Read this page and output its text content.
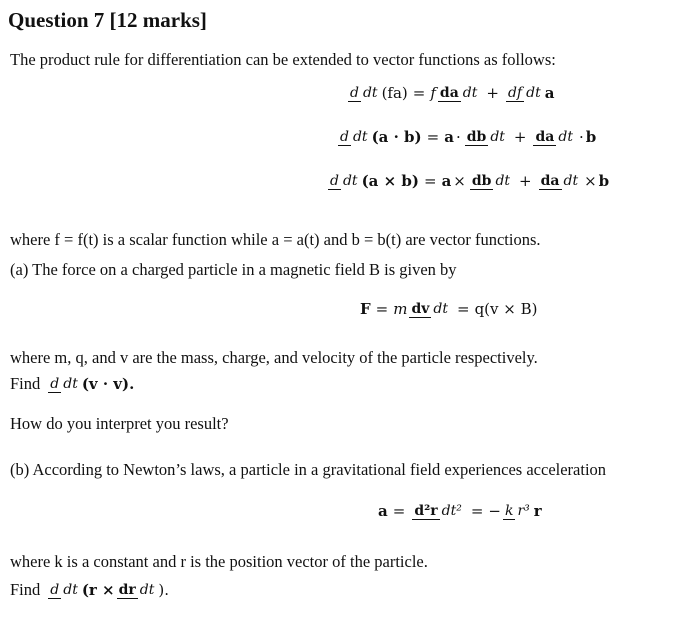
Question 7 [12 marks]
The product rule for differentiation can be extended to vector functions as follows:
d dt (fa) = f da dt + df dt a
d dt (a · b) = a · db dt + da dt · b
d dt (a × b) = a × db dt + da dt × b
where f = f(t) is a scalar function while a = a(t) and b = b(t) are vector functions.
(a) The force on a charged particle in a magnetic field B is given by
F = m dv dt = q(v × B)
where m, q, and v are the mass, charge, and velocity of the particle respectively.
Find d dt (v · v).
How do you interpret you result?
(b) According to Newton’s laws, a particle in a gravitational field experiences acceleration
a = d²r dt² = − k r³ r
where k is a constant and r is the position vector of the particle.
Find d dt (r × dr dt ).
